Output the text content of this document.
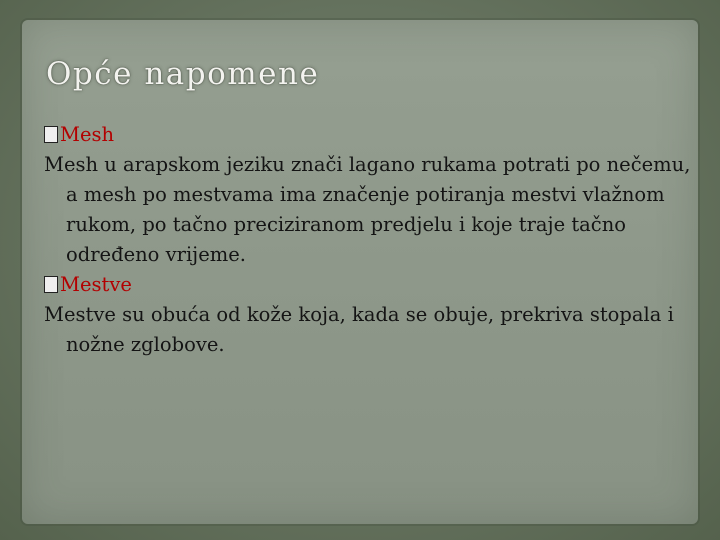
Opće napomene
Mesh

Mesh u arapskom jeziku znači lagano rukama potrati po nečemu, a mesh po mestvama ima značenje potiranja mestvi vlažnom rukom, po tačno preciziranom predjelu i koje traje tačno određeno vrijeme.

Mestve

Mestve su obuća od kože koja, kada se obuje, prekriva stopala i nožne zglobove.
